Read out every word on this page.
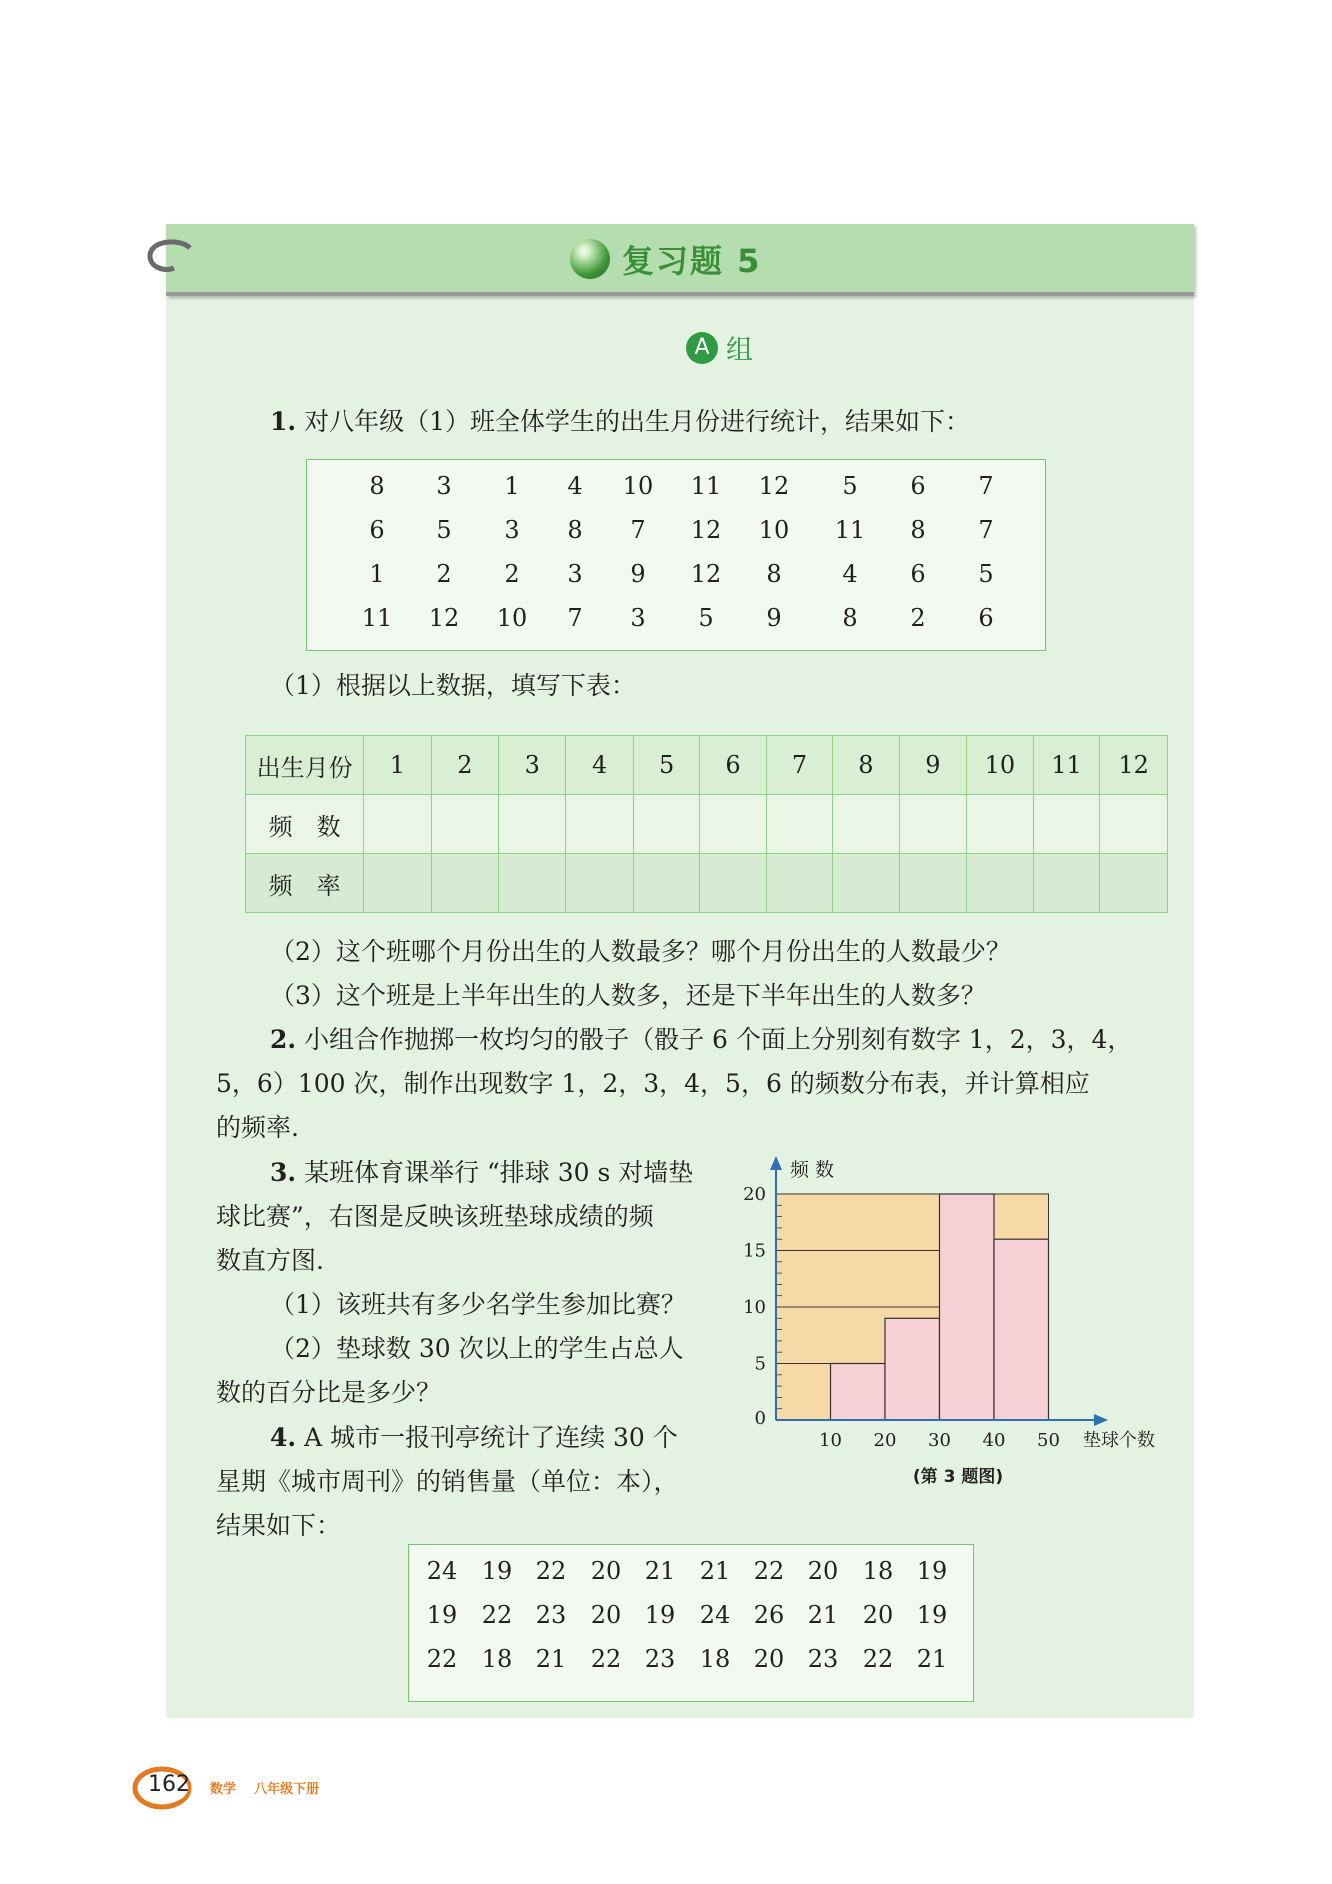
复习题 5
A 组
1. 对八年级（1）班全体学生的出生月份进行统计，结果如下：
8	3	1	4	10	11	12	5	6	7
6	5	3	8	7	12	10	11	8	7
1	2	2	3	9	12	8	4	6	5
11	12	10	7	3	5	9	8	2	6
（1）根据以上数据，填写下表：
出生月份	1	2	3	4	5	6	7	8	9	10	11	12
频　数												
频　率												
（2）这个班哪个月份出生的人数最多？哪个月份出生的人数最少？
（3）这个班是上半年出生的人数多，还是下半年出生的人数多？
2. 小组合作抛掷一枚均匀的骰子（骰子 6 个面上分别刻有数字 1，2，3，4，
5，6）100 次，制作出现数字 1，2，3，4，5，6 的频数分布表，并计算相应
的频率.
3. 某班体育课举行 “排球 30 s 对墙垫
球比赛”，右图是反映该班垫球成绩的频
数直方图.
（1）该班共有多少名学生参加比赛？
（2）垫球数 30 次以上的学生占总人
数的百分比是多少？
4. A 城市一报刊亭统计了连续 30 个
星期《城市周刊》的销售量（单位：本），
结果如下：
24	19 22	20 21	21 22 20	18 19
19	22 23	20 19	24 26 21	20 19
22	18 21	22 23	18 20 23	22 21
频 数
垫球个数
0
5
10
15
20
10 20 30 40 50
(第 3 题图)
162 数学 八年级下册
